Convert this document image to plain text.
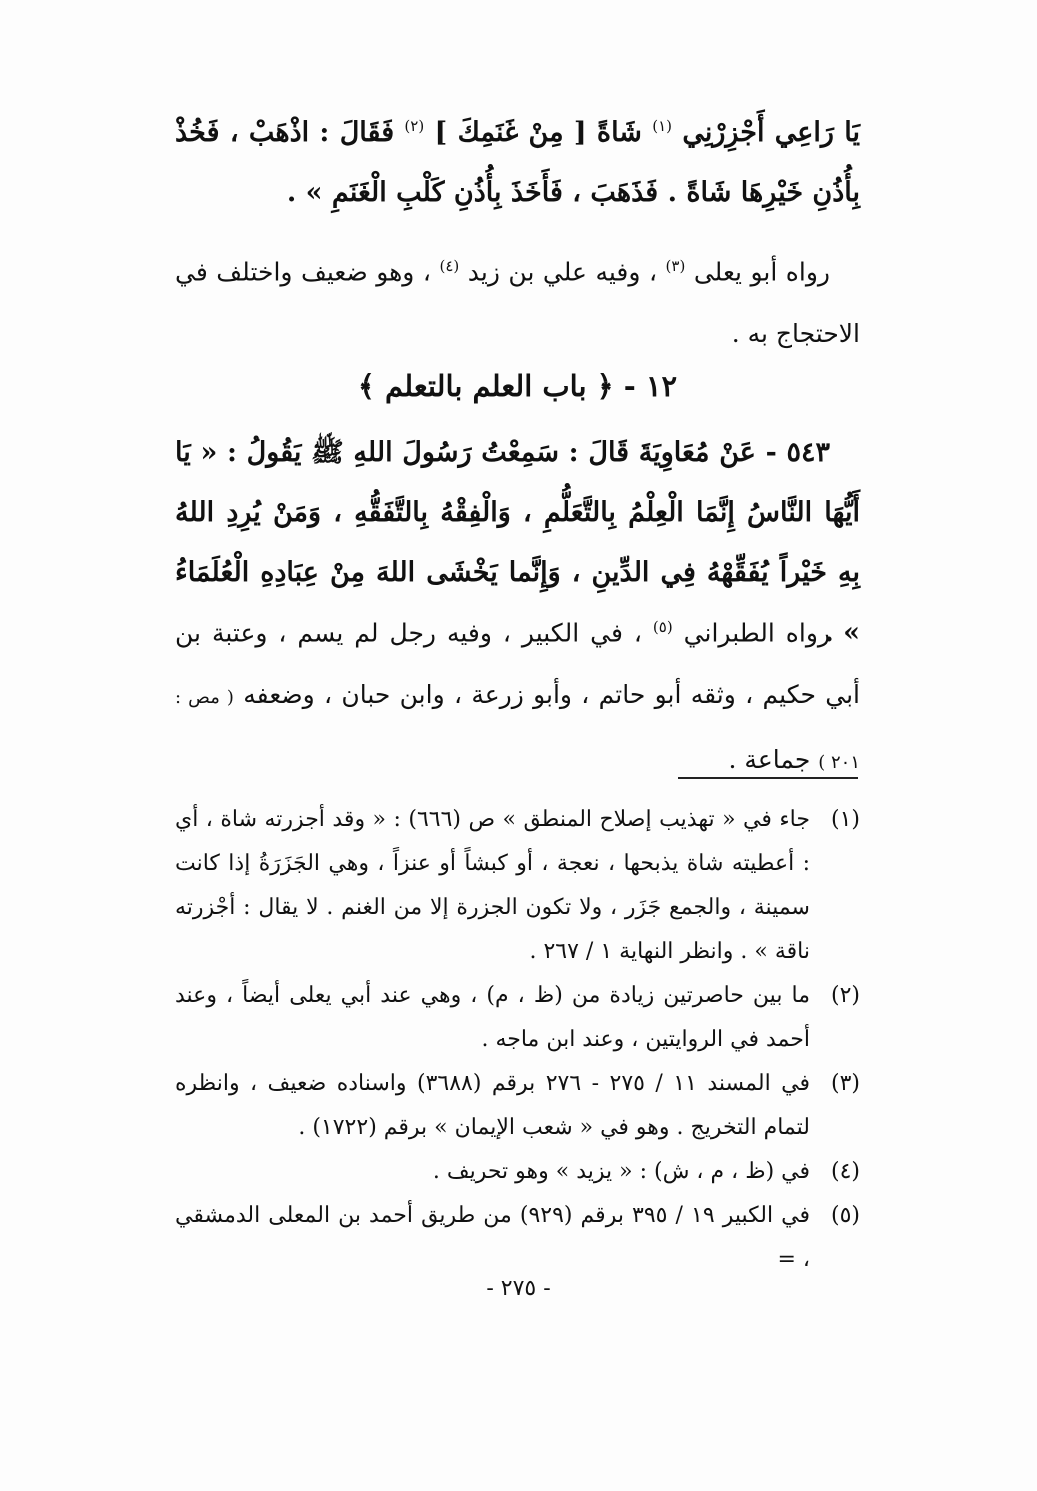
يَا رَاعِي أَجْزِرْنِي $^{(١)}$ شَاةً [ مِنْ غَنَمِكَ ] $^{(٢)}$ فَقَالَ : اذْهَبْ ، فَخُذْ بِأُذُنِ خَيْرِهَا شَاةً . فَذَهَبَ ، فَأَخَذَ بِأُذُنِ كَلْبِ الْغَنَمِ » .

رواه أبو يعلى $^{(٣)}$ ، وفيه علي بن زيد $^{(٤)}$ ، وهو ضعيف واختلف في الاحتجاج به .

١٢ - ﴿ باب العلم بالتعلم ﴾

٥٤٣ - عَنْ مُعَاوِيَةَ قَالَ : سَمِعْتُ رَسُولَ اللهِ ﷺ يَقُولُ : « يَا أَيُّهَا النَّاسُ إِنَّمَا الْعِلْمُ بِالتَّعَلُّمِ ، وَالْفِقْهُ بِالتَّفَقُّهِ ، وَمَنْ يُرِدِ اللهُ بِهِ خَيْراً يُفَقِّهْهُ فِي الدِّينِ ، وَإِنَّما يَخْشَى اللهَ مِنْ عِبَادِهِ الْعُلَمَاءُ » .

رواه الطبراني $^{(٥)}$ ، في الكبير ، وفيه رجل لم يسم ، وعتبة بن أبي حكيم ، وثقه أبو حاتم ، وأبو زرعة ، وابن حبان ، وضعفه ( مص : ٢٠١ ) جماعة .

(١)
جاء في « تهذيب إصلاح المنطق » ص (٦٦٦) : « وقد أجزرته شاة ، أي : أعطيته شاة يذبحها ، نعجة ، أو كبشاً أو عنزاً ، وهي الجَزَرَةُ إذا كانت سمينة ، والجمع جَزَر ، ولا تكون الجزرة إلا من الغنم . لا يقال : أجْزرته ناقة » . وانظر النهاية ١ / ٢٦٧ .
(٢)
ما بين حاصرتين زيادة من (ظ ، م) ، وهي عند أبي يعلى أيضاً ، وعند أحمد في الروايتين ، وعند ابن ماجه .
(٣)
في المسند ١١ / ٢٧٥ - ٢٧٦ برقم (٣٦٨٨) واسناده ضعيف ، وانظره لتمام التخريج . وهو في « شعب الإيمان » برقم (١٧٢٢) .
(٤)
في (ظ ، م ، ش) : « يزيد » وهو تحريف .
(٥)
في الكبير ١٩ / ٣٩٥ برقم (٩٢٩) من طريق أحمد بن المعلى الدمشقي ، =
- ٢٧٥ -
